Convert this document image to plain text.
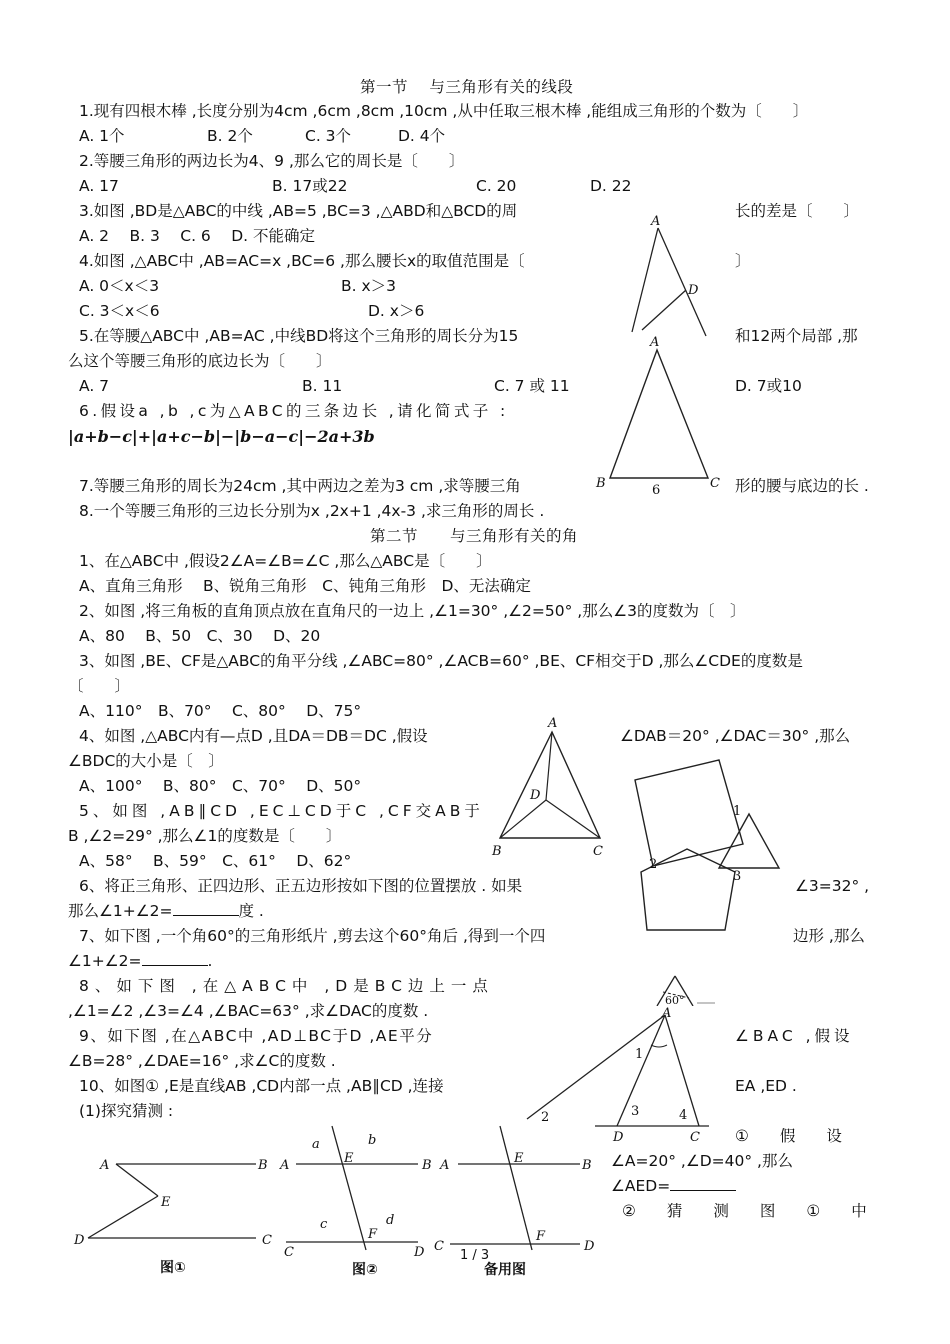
第一节　 与三角形有关的线段
1.现有四根木棒 ,长度分别为4cm ,6cm ,8cm ,10cm ,从中任取三根木棒 ,能组成三角形的个数为〔　　〕
A. 1个	B. 2个	C. 3个	D. 4个
2.等腰三角形的两边长为4、9 ,那么它的周长是〔　　〕
A. 17	B. 17或22	C. 20	D. 22
3.如图 ,BD是△ABC的中线 ,AB=5 ,BC=3 ,△ABD和△BCD的周	长的差是〔　　〕
A. 2　 B. 3　 C. 6　 D. 不能确定
4.如图 ,△ABC中 ,AB=AC=x ,BC=6 ,那么腰长x的取值范围是〔	〕
A. 0＜x＜3	B. x＞3
C. 3＜x＜6	D. x＞6
5.在等腰△ABC中 ,AB=AC ,中线BD将这个三角形的周长分为15	和12两个局部 ,那
么这个等腰三角形的底边长为〔　　〕
A. 7	B. 11	C. 7 或 11	D. 7或10
6.假设a ,b ,c为△ABC的三条边长 ,请化简式子 :
|a+b−c|+|a+c−b|−|b−a−c|−2a+3b
7.等腰三角形的周长为24cm ,其中两边之差为3 cm ,求等腰三角	形的腰与底边的长 .
8.一个等腰三角形的三边长分别为x ,2x+1 ,4x-3 ,求三角形的周长 .
第二节　　与三角形有关的角
1、在△ABC中 ,假设2∠A=∠B=∠C ,那么△ABC是〔　　〕
A、直角三角形　 B、锐角三角形　C、钝角三角形　D、无法确定
2、如图 ,将三角板的直角顶点放在直角尺的一边上 ,∠1=30° ,∠2=50° ,那么∠3的度数为〔　〕
A、80　 B、50　C、30　 D、20
3、如图 ,BE、CF是△ABC的角平分线 ,∠ABC=80° ,∠ACB=60° ,BE、CF相交于D ,那么∠CDE的度数是
〔　　〕
A、110°　B、70°　 C、80°　 D、75°
4、如图 ,△ABC内有—点D ,且DA＝DB＝DC ,假设	∠DAB＝20° ,∠DAC＝30° ,那么
∠BDC的大小是〔　〕
A、100°　 B、80°　C、70°　 D、50°
5、如图 ,AB∥CD ,EC⊥CD于C ,CF交AB于
B ,∠2=29° ,那么∠1的度数是〔　　〕
A、58°　 B、59°　C、61°　 D、62°
6、将正三角形、正四边形、正五边形按如下图的位置摆放 . 如果	∠3=32° ,
那么∠1+∠2=	度 .
7、如下图 ,一个角60°的三角形纸片 ,剪去这个60°角后 ,得到一个四	边形 ,那么
∠1+∠2=	.
8、如下图 ,在△ABC中 ,D是BC边上一点
,∠1=∠2 ,∠3=∠4 ,∠BAC=63° ,求∠DAC的度数 .
9、如下图 ,在△ABC中 ,AD⊥BC于D ,AE平分	∠BAC ,假设
∠B=28° ,∠DAE=16° ,求∠C的度数 .
10、如图① ,E是直线AB ,CD内部一点 ,AB∥CD ,连接	EA ,ED .
(1)探究猜测 :
①　　假　　设
∠A=20° ,∠D=40° ,那么
∠AED=
②　　猜　　测　　图　　①　　中
A
D
A
B	C
6
A
B	C
D
1
2
3
60°
A
1
2	3	4
D	C
A	B
E
D	C
图①
a	b
A	E	B
c	d
F
C	D
图②
A	E	B
F
C	D
备用图
1 / 3
